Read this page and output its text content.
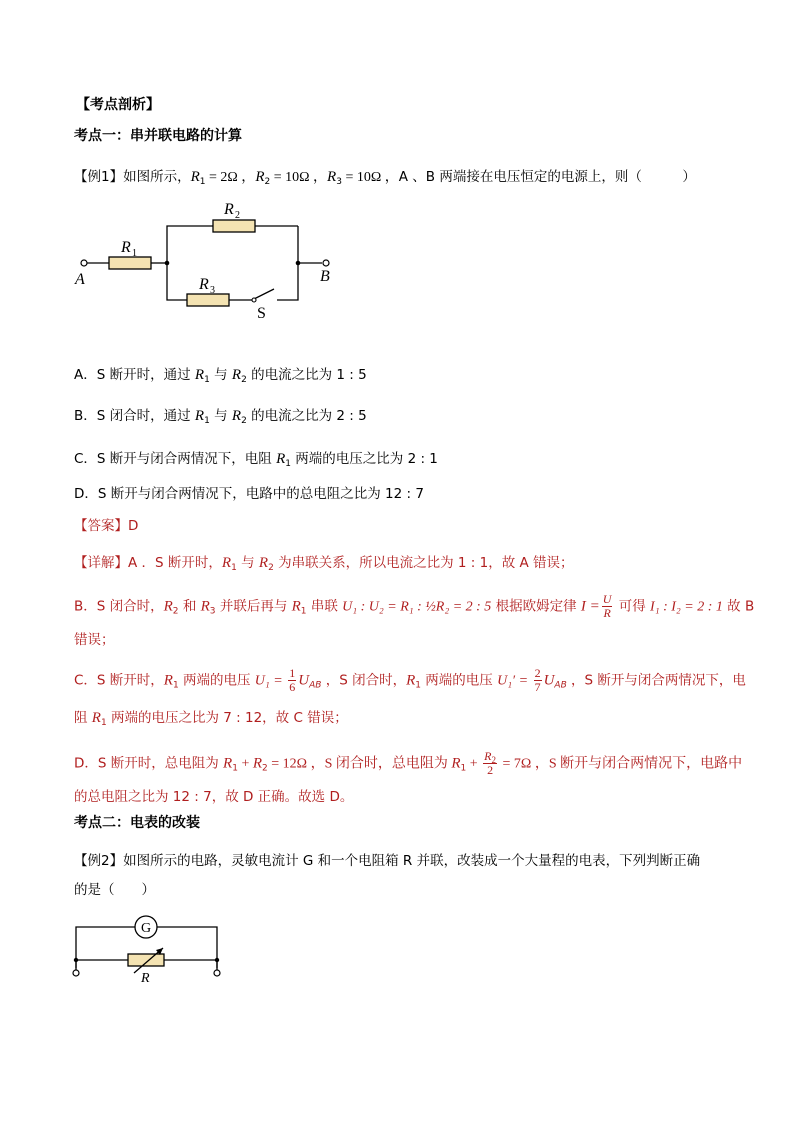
【考点剖析】
考点一：串并联电路的计算
【例1】如图所示，$R_1 = 2\Omega$ ，$R_2 = 10\Omega$ ，$R_3 = 10\Omega$ ，A 、B 两端接在电压恒定的电源上，则（　　　）
R 2
R 1
R 3
A	B
S
A．S 断开时，通过 $R_1$ 与 $R_2$ 的电流之比为 1 : 5
B．S 闭合时，通过 $R_1$ 与 $R_2$ 的电流之比为 2 : 5
C．S 断开与闭合两情况下，电阻 $R_1$ 两端的电压之比为 2 : 1
D．S 断开与闭合两情况下，电路中的总电阻之比为 12 : 7
【答案】D
【详解】A ．S 断开时，$R_1$ 与 $R_2$ 为串联关系，所以电流之比为 1 : 1，故 A 错误；
B．S 闭合时，$R_2$ 和 $R_3$ 并联后再与 $R_1$ 串联 U₁ : U₂ = R₁ : ½R₂ = 2 : 5 根据欧姆定律 $I = \frac{U}{R}$ 可得 I₁ : I₂ = 2 : 1 故 B
错误；
C．S 断开时，$R_1$ 两端的电压 $U_1 = \frac{1}{6} U_{AB}$ ，S 闭合时，$R_1$ 两端的电压 $U_1' = \frac{2}{7} U_{AB}$ ，S 断开与闭合两情况下，电
阻 $R_1$ 两端的电压之比为 7 : 12，故 C 错误；
D．S 断开时，总电阻为 $R_1 + R_2 = 12\Omega$ ，S 闭合时，总电阻为 $R_1 + \frac{R_2}{2} = 7\Omega$ ，S 断开与闭合两情况下，电路中
的总电阻之比为 12 : 7，故 D 正确。故选 D。
考点二：电表的改装
【例2】如图所示的电路，灵敏电流计 G 和一个电阻箱 R 并联，改装成一个大量程的电表，下列判断正确
的是（　　）
G
R
